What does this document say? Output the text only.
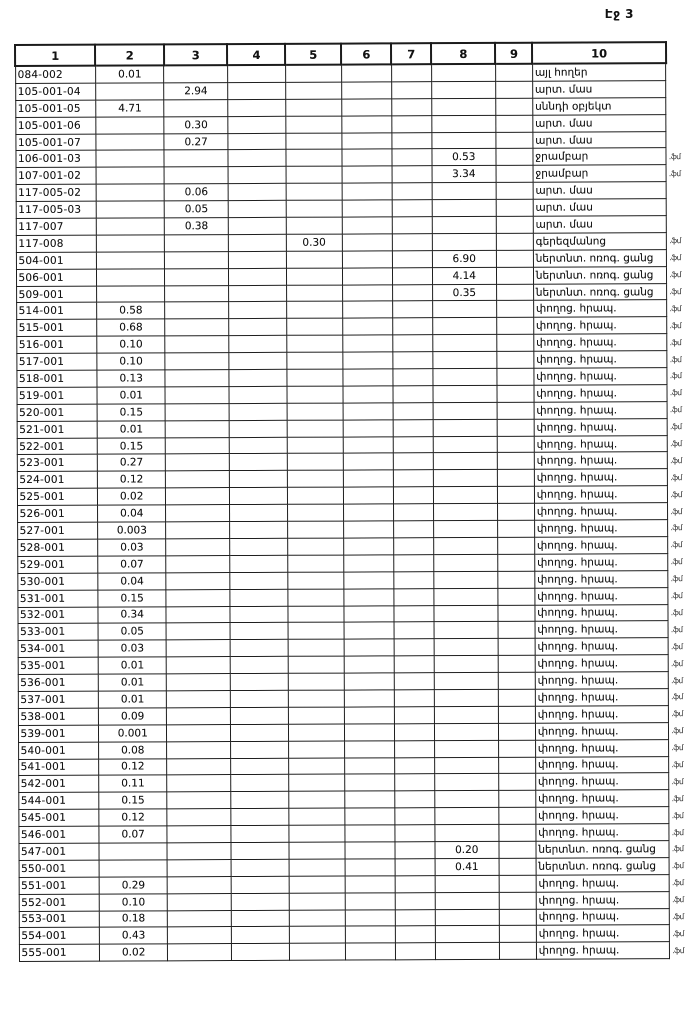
Էջ 3
1	2	3	4	5	6	7	8	9	10	
084-002	0.01								այլ հողեր	
105-001-04		2.94							արտ. մաս	
105-001-05	4.71								սննդի օբյեկտ	
105-001-06		0.30							արտ. մաս	
105-001-07		0.27							արտ. մաս	
106-001-03							0.53		ջրամբար	.ֆմ
107-001-02							3.34		ջրամբար	.ֆմ
117-005-02		0.06							արտ. մաս	
117-005-03		0.05							արտ. մաս	
117-007		0.38							արտ. մաս	
117-008				0.30					գերեզմանոց	.ֆմ
504-001							6.90		ներտնտ. ոռոգ. ցանց	.ֆմ
506-001							4.14		ներտնտ. ոռոգ. ցանց	.ֆմ
509-001							0.35		ներտնտ. ոռոգ. ցանց	.ֆմ
514-001	0.58								փողոց. հրապ.	.ֆմ
515-001	0.68								փողոց. հրապ.	.ֆմ
516-001	0.10								փողոց. հրապ.	.ֆմ
517-001	0.10								փողոց. հրապ.	.ֆմ
518-001	0.13								փողոց. հրապ.	.ֆմ
519-001	0.01								փողոց. հրապ.	.ֆմ
520-001	0.15								փողոց. հրապ.	.ֆմ
521-001	0.01								փողոց. հրապ.	.ֆմ
522-001	0.15								փողոց. հրապ.	.ֆմ
523-001	0.27								փողոց. հրապ.	.ֆմ
524-001	0.12								փողոց. հրապ.	.ֆմ
525-001	0.02								փողոց. հրապ.	.ֆմ
526-001	0.04								փողոց. հրապ.	.ֆմ
527-001	0.003								փողոց. հրապ.	.ֆմ
528-001	0.03								փողոց. հրապ.	.ֆմ
529-001	0.07								փողոց. հրապ.	.ֆմ
530-001	0.04								փողոց. հրապ.	.ֆմ
531-001	0.15								փողոց. հրապ.	.ֆմ
532-001	0.34								փողոց. հրապ.	.ֆմ
533-001	0.05								փողոց. հրապ.	.ֆմ
534-001	0.03								փողոց. հրապ.	.ֆմ
535-001	0.01								փողոց. հրապ.	.ֆմ
536-001	0.01								փողոց. հրապ.	.ֆմ
537-001	0.01								փողոց. հրապ.	.ֆմ
538-001	0.09								փողոց. հրապ.	.ֆմ
539-001	0.001								փողոց. հրապ.	.ֆմ
540-001	0.08								փողոց. հրապ.	.ֆմ
541-001	0.12								փողոց. հրապ.	.ֆմ
542-001	0.11								փողոց. հրապ.	.ֆմ
544-001	0.15								փողոց. հրապ.	.ֆմ
545-001	0.12								փողոց. հրապ.	.ֆմ
546-001	0.07								փողոց. հրապ.	.ֆմ
547-001							0.20		ներտնտ. ոռոգ. ցանց	.ֆմ
550-001							0.41		ներտնտ. ոռոգ. ցանց	.ֆմ
551-001	0.29								փողոց. հրապ.	.ֆմ
552-001	0.10								փողոց. հրապ.	.ֆմ
553-001	0.18								փողոց. հրապ.	.ֆմ
554-001	0.43								փողոց. հրապ.	.ֆմ
555-001	0.02								փողոց. հրապ.	.ֆմ
